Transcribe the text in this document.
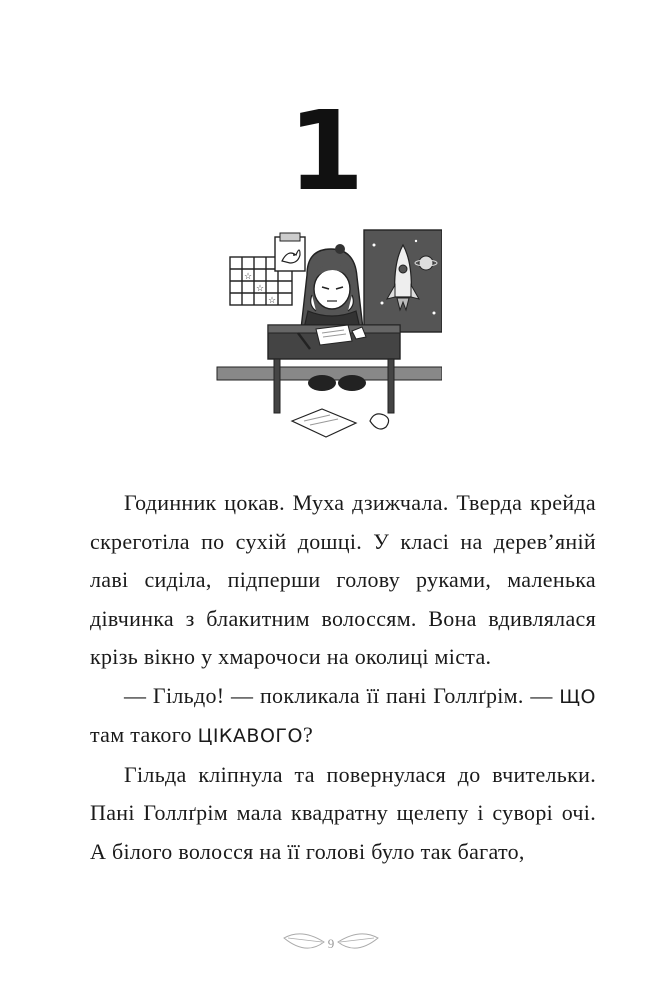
1
☆
☆
☆

Годинник цокав. Муха дзижчала. Тверда крейда скреготіла по сухій дошці. У класі на дерев’яній лаві сиділа, підперши голову руками, маленька дівчинка з блакитним волоссям. Вона вдивлялася крізь вікно у хмарочоси на околиці міста.

— Гільдо! — покликала її пані Голлґрім. — ЩО там такого ЦІКАВОГО?

Гільда кліпнула та повернулася до вчительки. Пані Голлґрім мала квадратну щелепу і суворі очі. А білого волосся на її голові було так багато,

9
